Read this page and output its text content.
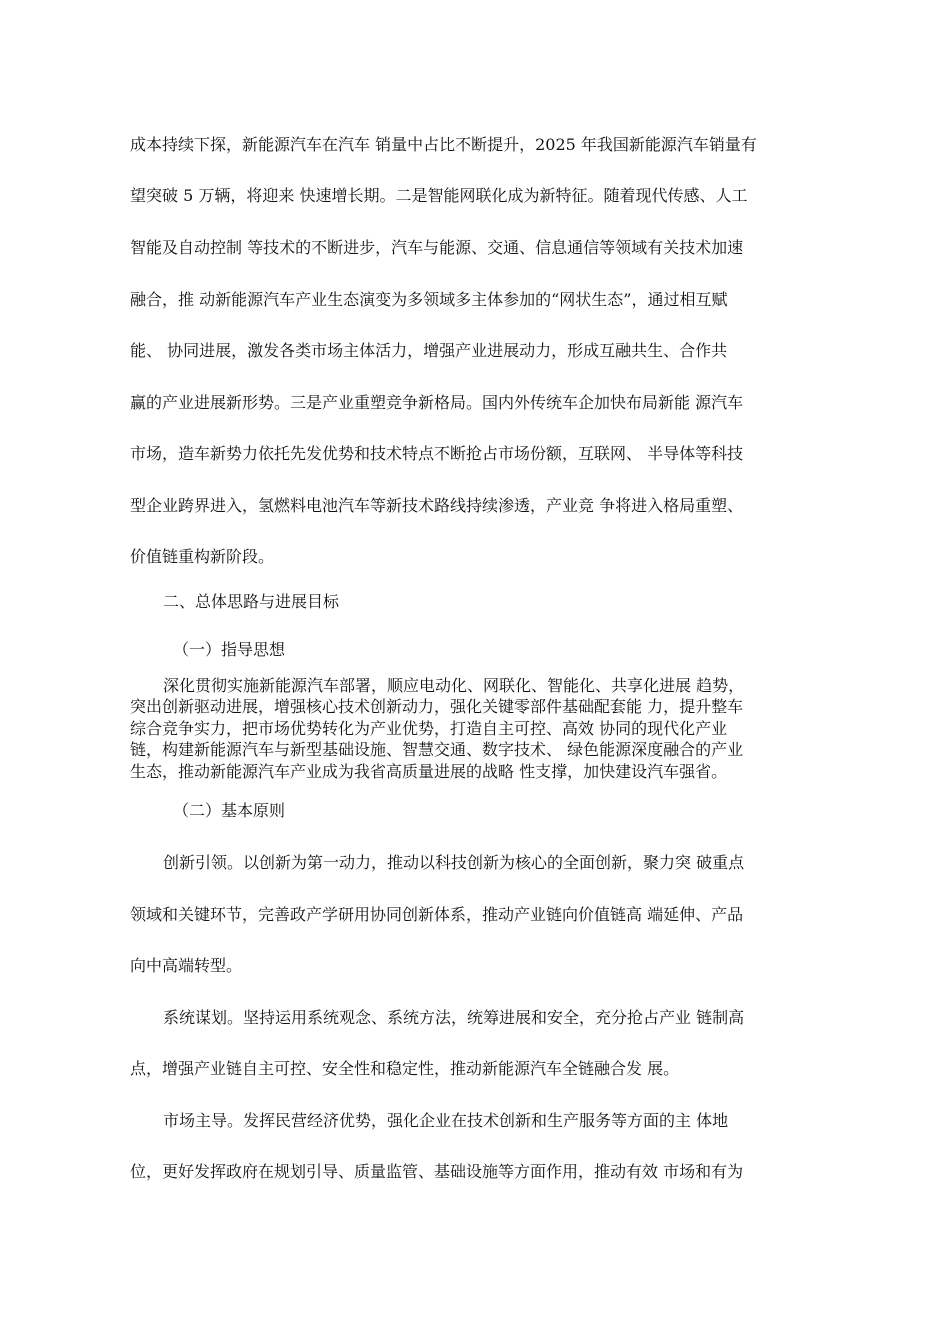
成本持续下探，新能源汽车在汽车 销量中占比不断提升，2025 年我国新能源汽车销量有
望突破 5 万辆，将迎来 快速增长期。二是智能网联化成为新特征。随着现代传感、人工
智能及自动控制 等技术的不断进步，汽车与能源、交通、信息通信等领域有关技术加速
融合，推 动新能源汽车产业生态演变为多领域多主体参加的“网状生态”，通过相互赋
能、 协同进展，激发各类市场主体活力，增强产业进展动力，形成互融共生、合作共
赢的产业进展新形势。三是产业重塑竞争新格局。国内外传统车企加快布局新能 源汽车
市场，造车新势力依托先发优势和技术特点不断抢占市场份额，互联网、 半导体等科技
型企业跨界进入，氢燃料电池汽车等新技术路线持续渗透，产业竞 争将进入格局重塑、
价值链重构新阶段。
二、总体思路与进展目标
（一）指导思想
深化贯彻实施新能源汽车部署，顺应电动化、网联化、智能化、共享化进展 趋势，
突出创新驱动进展，增强核心技术创新动力，强化关键零部件基础配套能 力，提升整车
综合竞争实力，把市场优势转化为产业优势，打造自主可控、高效 协同的现代化产业
链，构建新能源汽车与新型基础设施、智慧交通、数字技术、 绿色能源深度融合的产业
生态，推动新能源汽车产业成为我省高质量进展的战略 性支撑，加快建设汽车强省。
（二）基本原则
创新引领。以创新为第一动力，推动以科技创新为核心的全面创新，聚力突 破重点
领域和关键环节，完善政产学研用协同创新体系，推动产业链向价值链高 端延伸、产品
向中高端转型。
系统谋划。坚持运用系统观念、系统方法，统筹进展和安全，充分抢占产业 链制高
点，增强产业链自主可控、安全性和稳定性，推动新能源汽车全链融合发 展。
市场主导。发挥民营经济优势，强化企业在技术创新和生产服务等方面的主 体地
位，更好发挥政府在规划引导、质量监管、基础设施等方面作用，推动有效 市场和有为
